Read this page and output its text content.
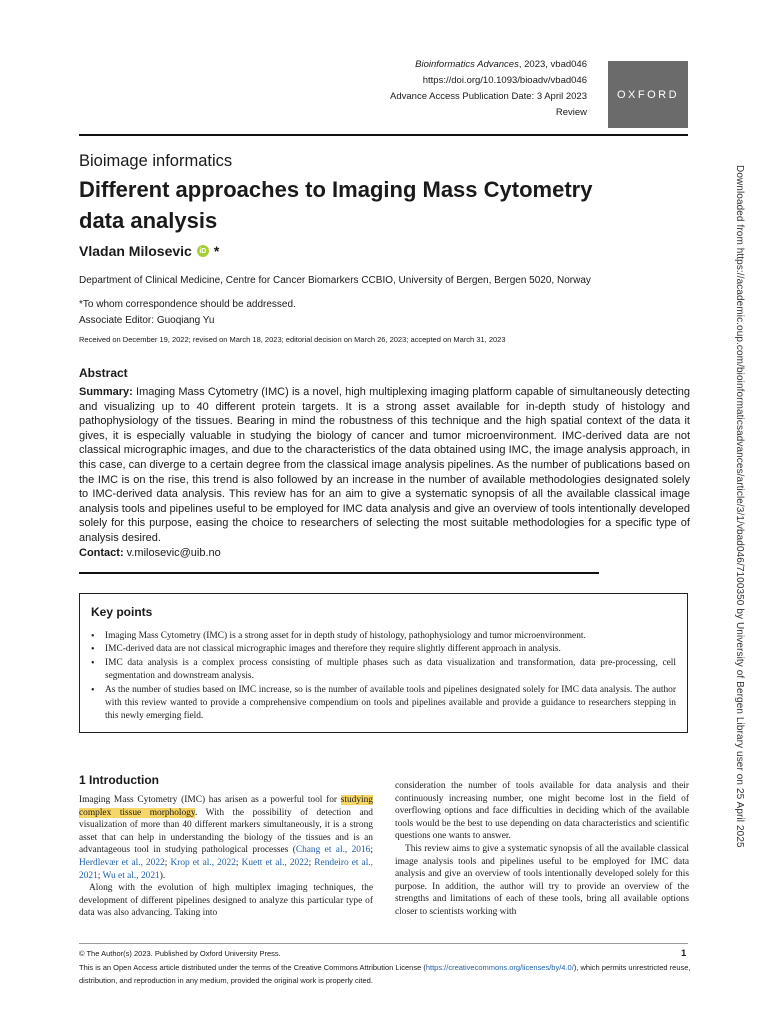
Bioinformatics Advances, 2023, vbad046
https://doi.org/10.1093/bioadv/vbad046
Advance Access Publication Date: 3 April 2023
Review
OXFORD
Bioimage informatics
Different approaches to Imaging Mass Cytometry data analysis
Vladan Milosevic	iD *
Department of Clinical Medicine, Centre for Cancer Biomarkers CCBIO, University of Bergen, Bergen 5020, Norway
*To whom correspondence should be addressed.
Associate Editor: Guoqiang Yu
Received on December 19, 2022; revised on March 18, 2023; editorial decision on March 26, 2023; accepted on March 31, 2023
Abstract
Summary: Imaging Mass Cytometry (IMC) is a novel, high multiplexing imaging platform capable of simultaneously detecting and visualizing up to 40 different protein targets. It is a strong asset available for in-depth study of histology and pathophysiology of the tissues. Bearing in mind the robustness of this technique and the high spatial context of the data it gives, it is especially valuable in studying the biology of cancer and tumor microenvironment. IMC-derived data are not classical micrographic images, and due to the characteristics of the data obtained using IMC, the image analysis approach, in this case, can diverge to a certain degree from the classical image analysis pipelines. As the number of publications based on the IMC is on the rise, this trend is also followed by an increase in the number of available methodologies designated solely to IMC-derived data analysis. This review has for an aim to give a systematic synopsis of all the available classical image analysis tools and pipelines useful to be employed for IMC data analysis and give an overview of tools intentionally developed solely for this purpose, easing the choice to researchers of selecting the most suitable methodologies for a specific type of analysis desired.
Contact: v.milosevic@uib.no
Key points
• Imaging Mass Cytometry (IMC) is a strong asset for in depth study of histology, pathophysiology and tumor microenvironment.
• IMC-derived data are not classical micrographic images and therefore they require slightly different approach in analysis.
• IMC data analysis is a complex process consisting of multiple phases such as data visualization and transformation, data pre-processing, cell segmentation and downstream analysis.
• As the number of studies based on IMC increase, so is the number of available tools and pipelines designated solely for IMC data analysis. The author with this review wanted to provide a comprehensive compendium on tools and pipelines available and provide a guidance to researchers stepping in this newly emerging field.
1 Introduction

Imaging Mass Cytometry (IMC) has arisen as a powerful tool for studying complex tissue morphology. With the possibility of detection and visualization of more than 40 different markers simultaneously, it is a strong asset that can help in understanding the biology of the tissues and is an advantageous tool in studying pathological processes (Chang et al., 2016; Herdlevær et al., 2022; Krop et al., 2022; Kuett et al., 2022; Rendeiro et al., 2021; Wu et al., 2021).

Along with the evolution of high multiplex imaging techniques, the development of different pipelines designed to analyze this particular type of data was also advancing. Taking into

consideration the number of tools available for data analysis and their continuously increasing number, one might become lost in the field of overflowing options and face difficulties in deciding which of the available tools would be the best to use depending on data characteristics and scientific questions one wants to answer.

This review aims to give a systematic synopsis of all the available classical image analysis tools and pipelines useful to be employed for IMC data analysis and give an overview of tools intentionally developed solely for this purpose. In addition, the author will try to provide an overview of the strengths and limitations of each of these tools, bring all available options closer to scientists working with

© The Author(s) 2023. Published by Oxford University Press.	1
This is an Open Access article distributed under the terms of the Creative Commons Attribution License (https://creativecommons.org/licenses/by/4.0/), which permits unrestricted reuse, distribution, and reproduction in any medium, provided the original work is properly cited.
Downloaded from https://academic.oup.com/bioinformaticsadvances/article/3/1/vbad046/7100350 by University of Bergen Library user on 25 April 2025
